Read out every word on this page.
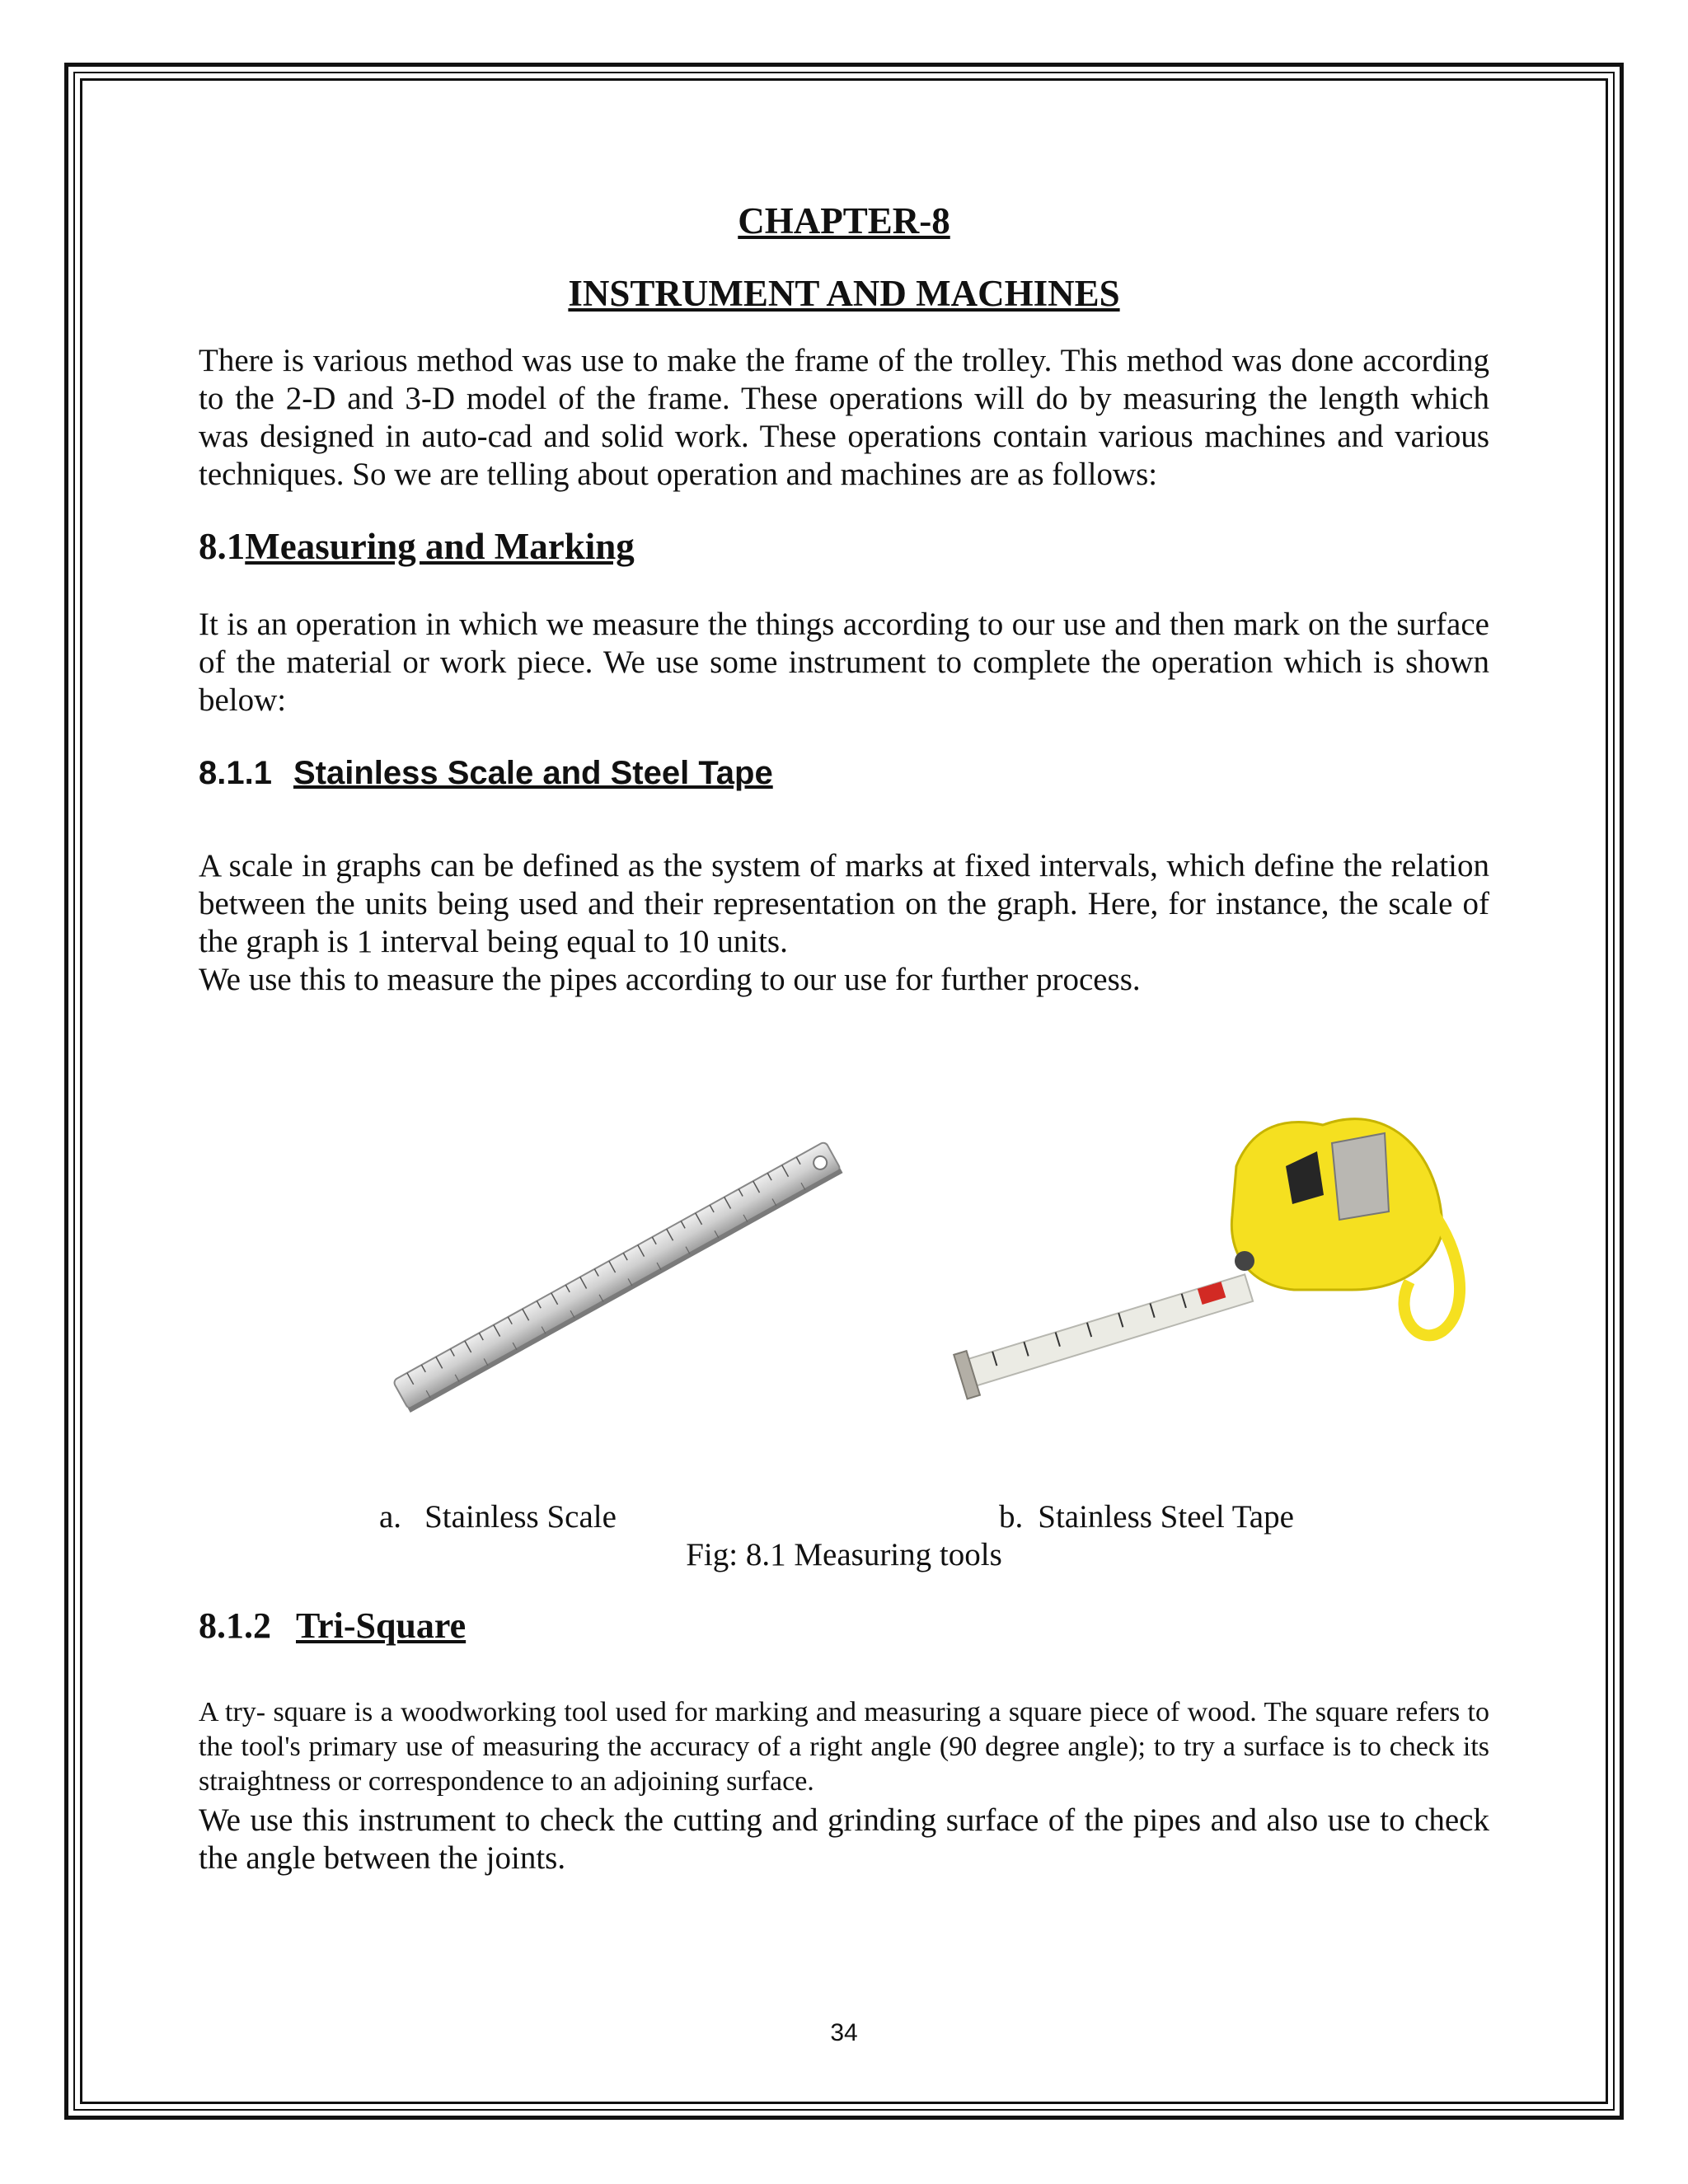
CHAPTER-8
INSTRUMENT AND MACHINES
There is various method was use to make the frame of the trolley. This method was done according to the 2-D and 3-D model of the frame. These operations will do by measuring the length which was designed in auto-cad and solid work. These operations contain various machines and various techniques. So we are telling about operation and machines are as follows:
8.1Measuring and Marking
It is an operation in which we measure the things according to our use and then mark on the surface of the material or work piece. We use some instrument to complete the operation which is shown below:
8.1.1 Stainless Scale and Steel Tape
A scale in graphs can be defined as the system of marks at fixed intervals, which define the relation between the units being used and their representation on the graph. Here, for instance, the scale of the graph is 1 interval being equal to 10 units.
We use this to measure the pipes according to our use for further process.
a. Stainless Scale	b. Stainless Steel Tape
Fig: 8.1 Measuring tools
8.1.2 Tri-Square
A try- square is a woodworking tool used for marking and measuring a square piece of wood. The square refers to the tool's primary use of measuring the accuracy of a right angle (90 degree angle); to try a surface is to check its straightness or correspondence to an adjoining surface.
We use this instrument to check the cutting and grinding surface of the pipes and also use to check the angle between the joints.
34
